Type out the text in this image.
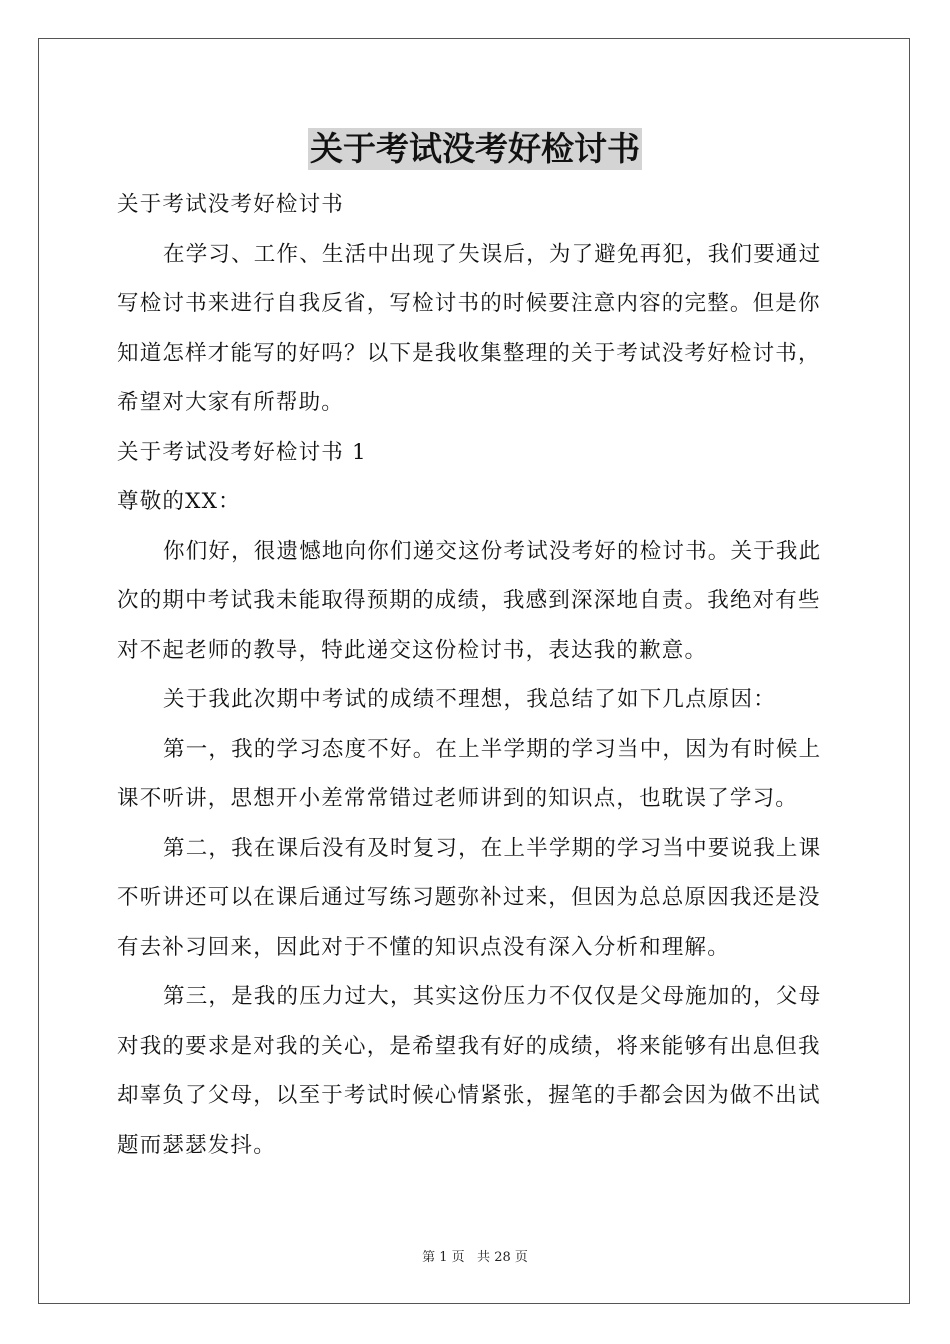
关于考试没考好检讨书

关于考试没考好检讨书

在学习、工作、生活中出现了失误后，为了避免再犯，我们要通过写检讨书来进行自我反省，写检讨书的时候要注意内容的完整。但是你知道怎样才能写的好吗？以下是我收集整理的关于考试没考好检讨书，希望对大家有所帮助。

关于考试没考好检讨书 1

尊敬的XX：

你们好，很遗憾地向你们递交这份考试没考好的检讨书。关于我此次的期中考试我未能取得预期的成绩，我感到深深地自责。我绝对有些对不起老师的教导，特此递交这份检讨书，表达我的歉意。

关于我此次期中考试的成绩不理想，我总结了如下几点原因：

第一，我的学习态度不好。在上半学期的学习当中，因为有时候上课不听讲，思想开小差常常错过老师讲到的知识点，也耽误了学习。

第二，我在课后没有及时复习，在上半学期的学习当中要说我上课不听讲还可以在课后通过写练习题弥补过来，但因为总总原因我还是没有去补习回来，因此对于不懂的知识点没有深入分析和理解。

第三，是我的压力过大，其实这份压力不仅仅是父母施加的，父母对我的要求是对我的关心，是希望我有好的成绩，将来能够有出息但我却辜负了父母，以至于考试时候心情紧张，握笔的手都会因为做不出试题而瑟瑟发抖。

第 1 页   共 28 页
